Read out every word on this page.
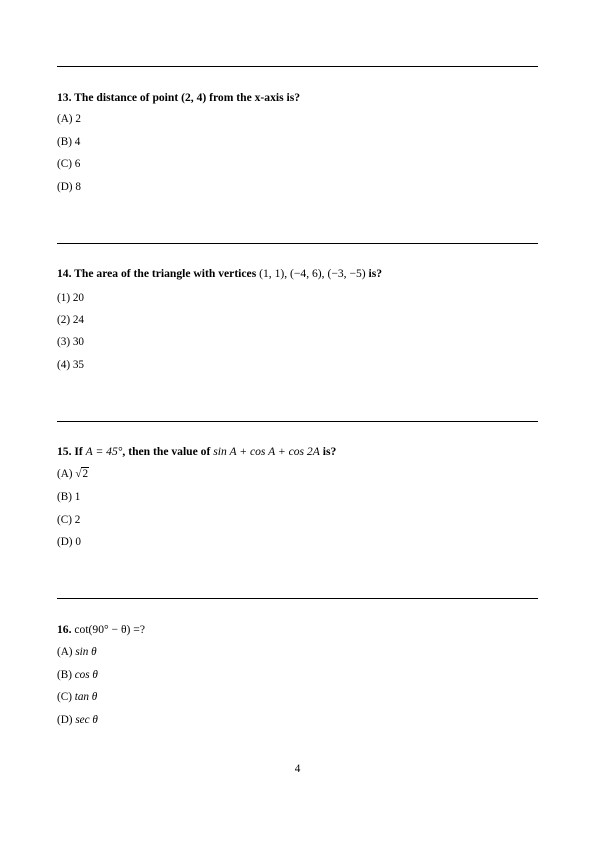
13. The distance of point (2, 4) from the x-axis is?
(A) 2
(B) 4
(C) 6
(D) 8
14. The area of the triangle with vertices (1, 1), (−4, 6), (−3, −5) is?
(1) 20
(2) 24
(3) 30
(4) 35
15. If A = 45°, then the value of sin A + cos A + cos 2A is?
(A) √2
(B) 1
(C) 2
(D) 0
16. cot(90° − θ) =?
(A) sin θ
(B) cos θ
(C) tan θ
(D) sec θ
4
